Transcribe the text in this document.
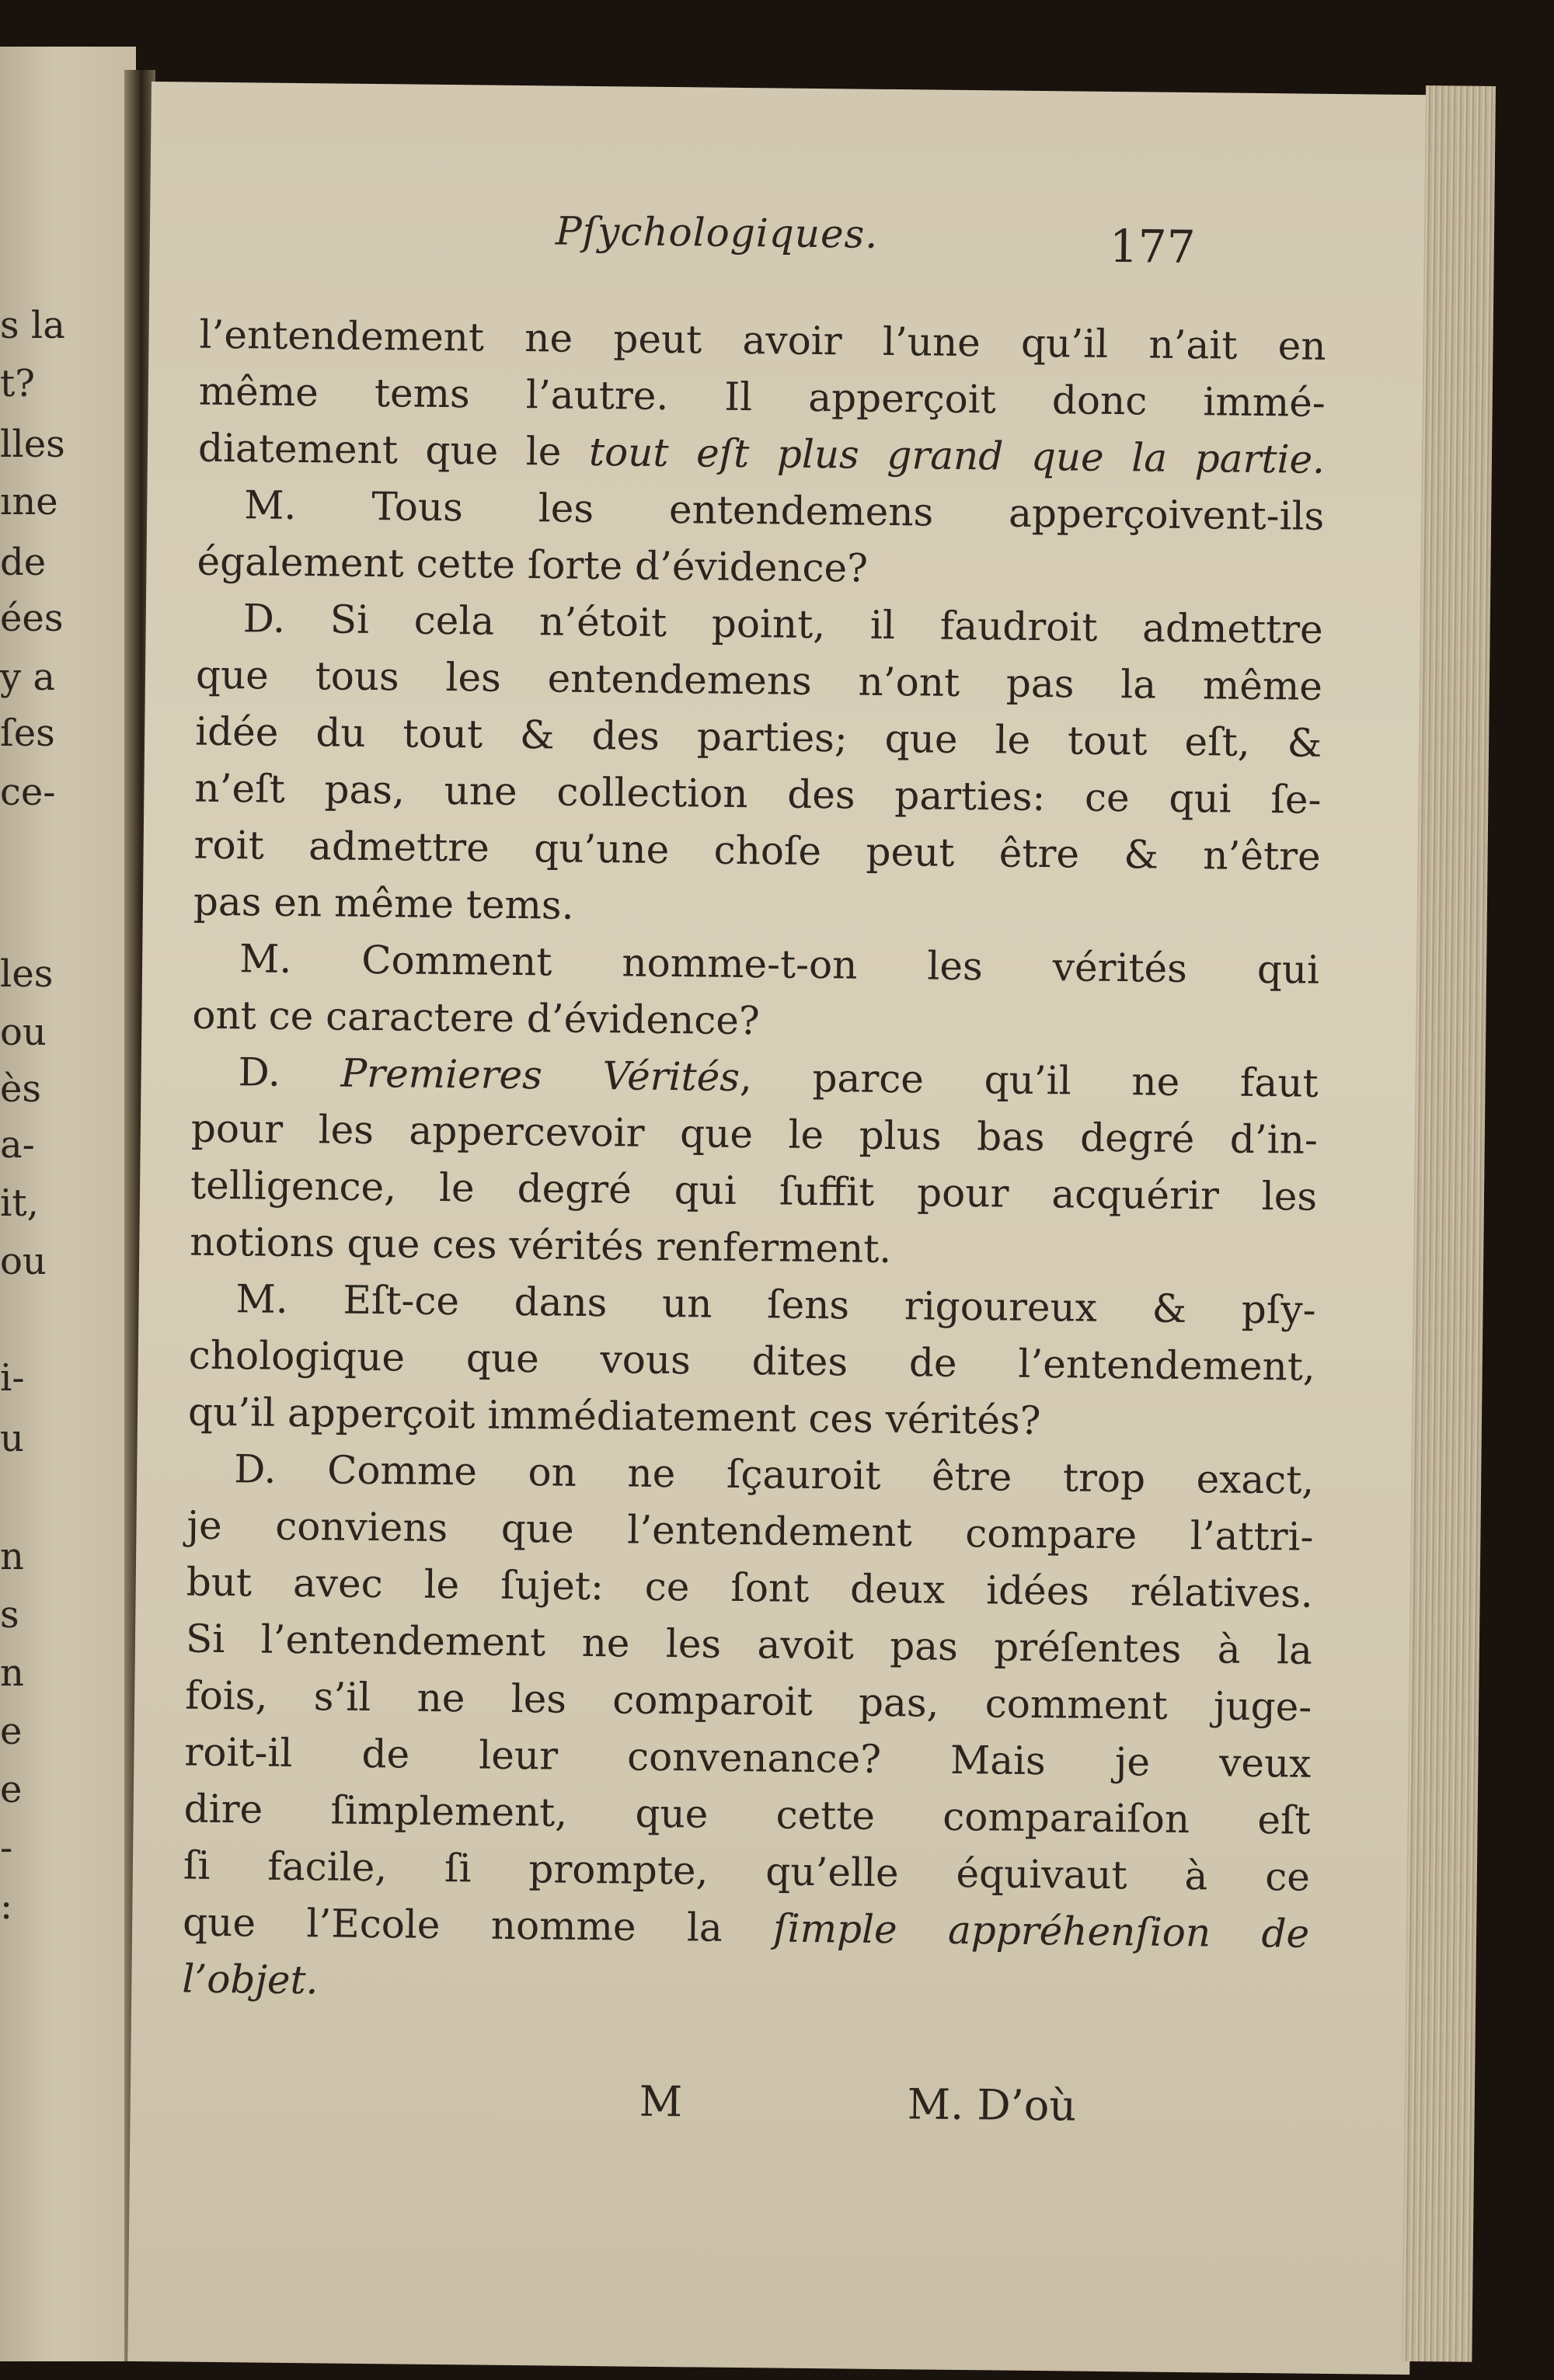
s la
t?
lles
ıne
de
ées
y a
ſes
ce-
les
ou
ès
a-
it,
ou
i-
u
n
s
n
e
e
-
:
Pſychologiques.	177
l’entendement ne peut avoir l’une qu’il n’ait en
même tems l’autre. Il apperçoit donc immé-
diatement que le tout eſt plus grand que la partie.
M. Tous les entendemens apperçoivent-ils
également cette ſorte d’évidence?
D. Si cela n’étoit point, il faudroit admettre
que tous les entendemens n’ont pas la même
idée du tout & des parties; que le tout eſt, &
n’eſt pas, une collection des parties: ce qui ſe-
roit admettre qu’une choſe peut être & n’être
pas en même tems.
M. Comment nomme-t-on les vérités qui
ont ce caractere d’évidence?
D. Premieres Vérités, parce qu’il ne faut
pour les appercevoir que le plus bas degré d’in-
telligence, le degré qui ſuffit pour acquérir les
notions que ces vérités renferment.
M. Eſt-ce dans un ſens rigoureux & pſy-
chologique que vous dites de l’entendement,
qu’il apperçoit immédiatement ces vérités?
D. Comme on ne ſçauroit être trop exact,
je conviens que l’entendement compare l’attri-
but avec le ſujet: ce ſont deux idées rélatives.
Si l’entendement ne les avoit pas préſentes à la
fois, s’il ne les comparoit pas, comment juge-
roit-il de leur convenance? Mais je veux
dire ſimplement, que cette comparaiſon eſt
ſi facile, ſi prompte, qu’elle équivaut à ce
que l’Ecole nomme la ſimple appréhenſion de
l’objet.
M	M. D’où
